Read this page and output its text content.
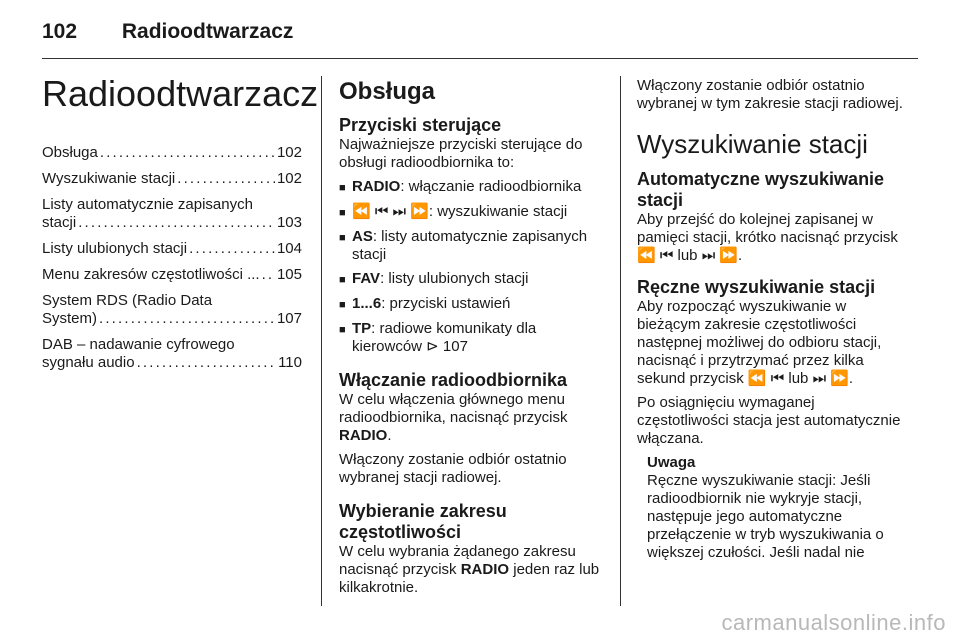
102 Radioodtwarzacz
Radioodtwarzacz
Obsługa . . .	102
Wyszukiwanie stacji . . .	102
Listy automatycznie zapisanych
stacji . . .	103
Listy ulubionych stacji . . .	104
Menu zakresów częstotliwości ... . . . 105
System RDS (Radio Data
System) . . .	107
DAB – nadawanie cyfrowego
sygnału audio . . .	110

Obsługa

Przyciski sterujące

Najważniejsze przyciski sterujące do obsługi radioodbiornika to:

■ RADIO: włączanie radioodbiornika
■ ⏪ ⏮ ⏭ ⏩: wyszukiwanie stacji
■ AS: listy automatycznie zapisanych stacji
■ FAV: listy ulubionych stacji
■ 1...6: przyciski ustawień
■ TP: radiowe komunikaty dla kierowców ⊳ 107

Włączanie radioodbiornika

W celu włączenia głównego menu radioodbiornika, nacisnąć przycisk RADIO.

Włączony zostanie odbiór ostatnio wybranej stacji radiowej.

Wybieranie zakresu częstotliwości

W celu wybrania żądanego zakresu nacisnąć przycisk RADIO jeden raz lub kilkakrotnie.

Włączony zostanie odbiór ostatnio wybranej w tym zakresie stacji radiowej.

Wyszukiwanie stacji

Automatyczne wyszukiwanie stacji

Aby przejść do kolejnej zapisanej w pamięci stacji, krótko nacisnąć przycisk ⏪ ⏮ lub ⏭ ⏩.

Ręczne wyszukiwanie stacji

Aby rozpocząć wyszukiwanie w bieżącym zakresie częstotliwości następnej możliwej do odbioru stacji, nacisnąć i przytrzymać przez kilka sekund przycisk ⏪ ⏮ lub ⏭ ⏩.

Po osiągnięciu wymaganej częstotliwości stacja jest automatycznie włączana.

Uwaga

Ręczne wyszukiwanie stacji: Jeśli radioodbiornik nie wykryje stacji, następuje jego automatyczne przełączenie w tryb wyszukiwania o większej czułości. Jeśli nadal nie

carmanualsonline.info
